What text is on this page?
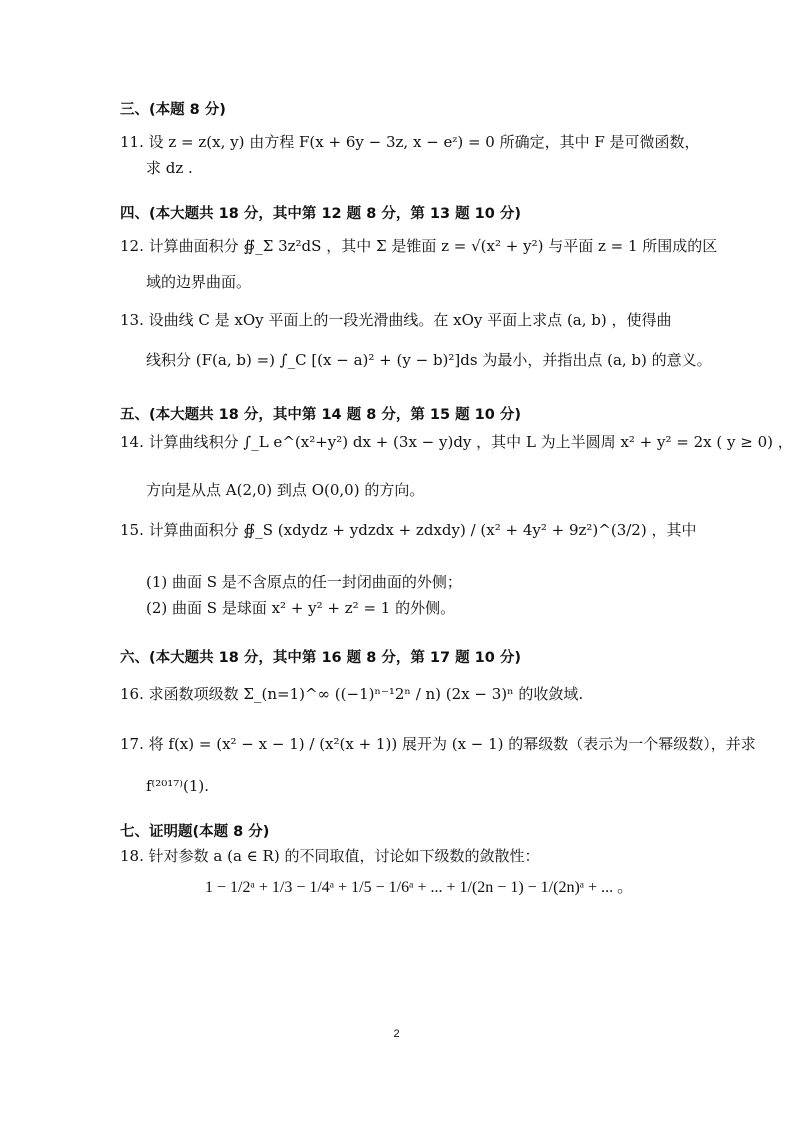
三、(本题 8 分)
11. 设 z = z(x, y) 由方程 F(x + 6y − 3z, x − eᶻ) = 0 所确定，其中 F 是可微函数，
求 dz .
四、(本大题共 18 分，其中第 12 题 8 分，第 13 题 10 分)
12. 计算曲面积分 ∯_Σ 3z²dS ，其中 Σ 是锥面 z = √(x² + y²) 与平面 z = 1 所围成的区
域的边界曲面。
13. 设曲线 C 是 xOy 平面上的一段光滑曲线。在 xOy 平面上求点 (a, b) ，使得曲
线积分 (F(a, b) =) ∫_C [(x − a)² + (y − b)²]ds 为最小，并指出点 (a, b) 的意义。
五、(本大题共 18 分，其中第 14 题 8 分，第 15 题 10 分)
14. 计算曲线积分 ∫_L e^(x²+y²) dx + (3x − y)dy ，其中 L 为上半圆周 x² + y² = 2x ( y ≥ 0) ，
方向是从点 A(2,0) 到点 O(0,0) 的方向。
15. 计算曲面积分 ∯_S (xdydz + ydzdx + zdxdy) / (x² + 4y² + 9z²)^(3/2) ，其中
(1) 曲面 S 是不含原点的任一封闭曲面的外侧；
(2) 曲面 S 是球面 x² + y² + z² = 1 的外侧。
六、(本大题共 18 分，其中第 16 题 8 分，第 17 题 10 分)
16. 求函数项级数 Σ_(n=1)^∞ ((−1)ⁿ⁻¹2ⁿ / n) (2x − 3)ⁿ 的收敛域.
17. 将 f(x) = (x² − x − 1) / (x²(x + 1)) 展开为 (x − 1) 的幂级数（表示为一个幂级数），并求
f⁽²⁰¹⁷⁾(1).
七、证明题(本题 8 分)
18. 针对参数 a (a ∈ R) 的不同取值，讨论如下级数的敛散性：
1 − 1/2ᵃ + 1/3 − 1/4ᵃ + 1/5 − 1/6ᵃ + ... + 1/(2n − 1) − 1/(2n)ᵃ + ... 。
2
